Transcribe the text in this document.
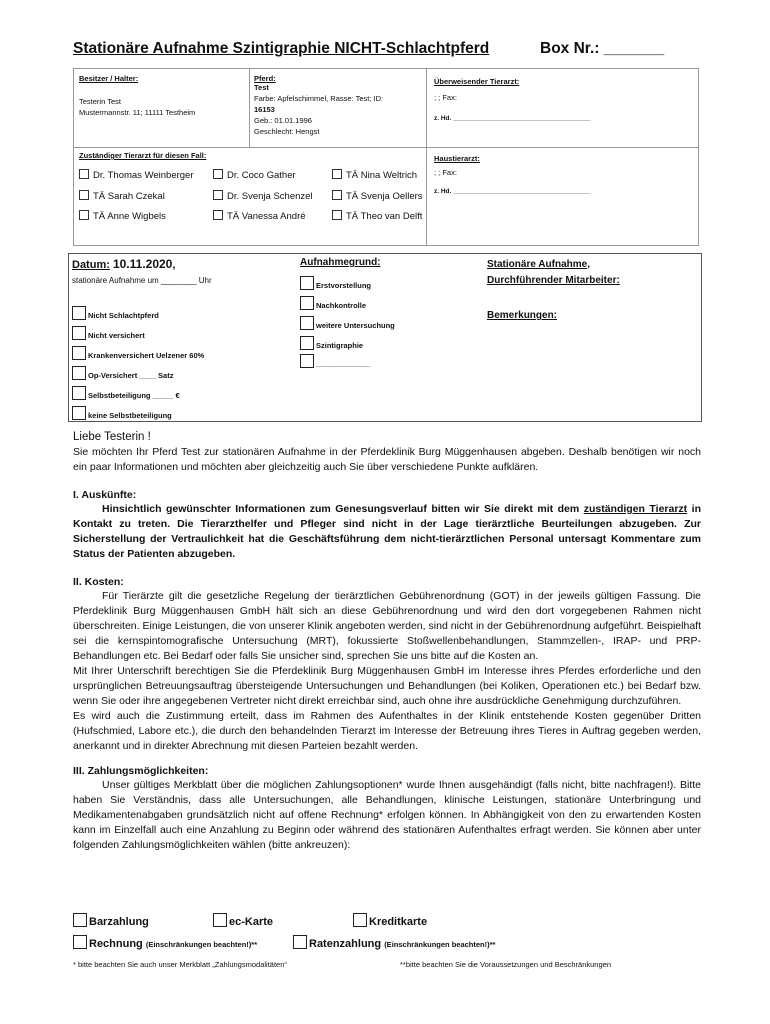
Stationäre Aufnahme Szintigraphie NICHT-Schlachtpferd	Box Nr.: _______
Besitzer / Halter:
Testerin Test
Mustermannstr. 11; 11111 Testheim
Pferd:
Test
Farbe: Apfelschimmel, Rasse: Test; ID:
16153
Geb.: 01.01.1996
Geschlecht: Hengst
Überweisender Tierarzt:
; ; Fax:
z. Hd. ______________________________________
Zuständiger Tierarzt für diesen Fall:
Dr. Thomas Weinberger	Dr. Coco Gather	TÄ Nina Weltrich
TÄ Sarah Czekal	Dr. Svenja Schenzel	TÄ Svenja Oellers
TÄ Anne Wigbels	TÄ Vanessa André	TÄ Theo van Delft
Haustierarzt:
; ; Fax:
z. Hd. ______________________________________
Datum: 10.11.2020,
stationäre Aufnahme um ________ Uhr
Nicht Schlachtpferd
Nicht versichert
Krankenversichert Uelzener 60%
Op-Versichert ____ Satz
Selbstbeteiligung _____ €
keine Selbstbeteiligung
Aufnahmegrund:
Erstvorstellung
Nachkontrolle
weitere Untersuchung
Szintigraphie
_____________
Stationäre Aufnahme,
Durchführender Mitarbeiter:
Bemerkungen:
Liebe Testerin !
Sie möchten Ihr Pferd Test zur stationären Aufnahme in der Pferdeklinik Burg Müggenhausen abgeben. Deshalb benötigen wir noch ein paar Informationen und möchten aber gleichzeitig auch Sie über verschiedene Punkte aufklären.
I. Auskünfte:
Hinsichtlich gewünschter Informationen zum Genesungsverlauf bitten wir Sie direkt mit dem zuständigen Tierarzt in Kontakt zu treten. Die Tierarzthelfer und Pfleger sind nicht in der Lage tierärztliche Beurteilungen abzugeben. Zur Sicherstellung der Vertraulichkeit hat die Geschäftsführung dem nicht-tierärztlichen Personal untersagt Kommentare zum Status der Patienten abzugeben.
II. Kosten:
Für Tierärzte gilt die gesetzliche Regelung der tierärztlichen Gebührenordnung (GOT) in der jeweils gültigen Fassung. Die Pferdeklinik Burg Müggenhausen GmbH hält sich an diese Gebührenordnung und wird den dort vorgegebenen Rahmen nicht überschreiten. Einige Leistungen, die von unserer Klinik angeboten werden, sind nicht in der Gebührenordnung aufgeführt. Beispielhaft sei die kernspintomografische Untersuchung (MRT), fokussierte Stoßwellenbehandlungen, Stammzellen-, IRAP- und PRP-Behandlungen etc. Bei Bedarf oder falls Sie unsicher sind, sprechen Sie uns bitte auf die Kosten an.
Mit Ihrer Unterschrift berechtigen Sie die Pferdeklinik Burg Müggenhausen GmbH im Interesse ihres Pferdes erforderliche und den ursprünglichen Betreuungsauftrag übersteigende Untersuchungen und Behandlungen (bei Koliken, Operationen etc.) bei Bedarf bzw. wenn Sie oder ihre angegebenen Vertreter nicht direkt erreichbar sind, auch ohne ihre ausdrückliche Genehmigung durchzuführen.
Es wird auch die Zustimmung erteilt, dass im Rahmen des Aufenthaltes in der Klinik entstehende Kosten gegenüber Dritten (Hufschmied, Labore etc.), die durch den behandelnden Tierarzt im Interesse der Betreuung ihres Tieres in Auftrag gegeben werden, anerkannt und in direkter Abrechnung mit diesen Parteien bezahlt werden.
III. Zahlungsmöglichkeiten:
Unser gültiges Merkblatt über die möglichen Zahlungsoptionen* wurde Ihnen ausgehändigt (falls nicht, bitte nachfragen!). Bitte haben Sie Verständnis, dass alle Untersuchungen, alle Behandlungen, klinische Leistungen, stationäre Unterbringung und Medikamentenabgaben grundsätzlich nicht auf offene Rechnung* erfolgen können. In Abhängigkeit von den zu erwartenden Kosten kann im Einzelfall auch eine Anzahlung zu Beginn oder während des stationären Aufenthaltes erfragt werden. Sie können aber unter folgenden Zahlungsmöglichkeiten wählen (bitte ankreuzen):
Barzahlung	ec-Karte	Kreditkarte
Rechnung (Einschränkungen beachten!)**	Ratenzahlung (Einschränkungen beachten!)**
* bitte beachten Sie auch unser Merkblatt „Zahlungsmodalitäten“	**bitte beachten Sie die Voraussetzungen und Beschränkungen
